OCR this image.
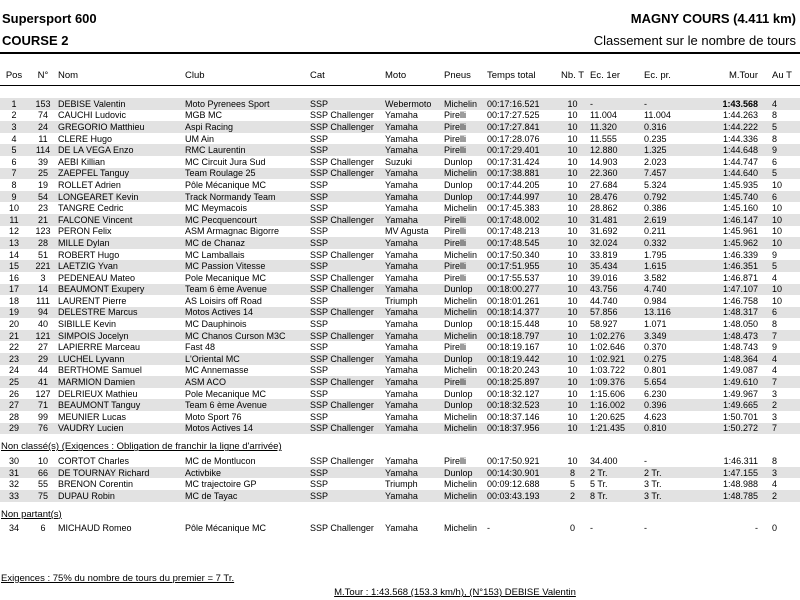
Supersport 600
COURSE 2
MAGNY COURS (4.411 km)
Classement sur le nombre de tours
Pos	N°	Nom	Club	Cat	Moto	Pneus	Temps total	Nb. T	Ec. 1er	Ec. pr.	M.Tour	Au T

1	153	DEBISE Valentin	Moto Pyrenees Sport	SSP	Webermoto	Michelin	00:17:16.521	10	-	-	1:43.568	4
2	74	CAUCHI Ludovic	MGB MC	SSP Challenger	Yamaha	Pirelli	00:17:27.525	10	11.004	11.004	1:44.263	8
3	24	GREGORIO Matthieu	Aspi Racing	SSP Challenger	Yamaha	Pirelli	00:17:27.841	10	11.320	0.316	1:44.222	5
4	11	CLERE Hugo	UM Ain	SSP	Yamaha	Pirelli	00:17:28.076	10	11.555	0.235	1:44.336	8
5	114	DE LA VEGA Enzo	RMC Laurentin	SSP	Yamaha	Pirelli	00:17:29.401	10	12.880	1.325	1:44.648	9
6	39	AEBI Killian	MC Circuit Jura Sud	SSP Challenger	Suzuki	Dunlop	00:17:31.424	10	14.903	2.023	1:44.747	6
7	25	ZAEPFEL Tanguy	Team Roulage 25	SSP Challenger	Yamaha	Michelin	00:17:38.881	10	22.360	7.457	1:44.640	5
8	19	ROLLET Adrien	Pôle Mécanique MC	SSP	Yamaha	Dunlop	00:17:44.205	10	27.684	5.324	1:45.935	10
9	54	LONGEARET Kevin	Track Normandy Team	SSP	Yamaha	Dunlop	00:17:44.997	10	28.476	0.792	1:45.740	6
10	23	TANGRE Cedric	MC Meymacois	SSP	Yamaha	Michelin	00:17:45.383	10	28.862	0.386	1:45.160	10
11	21	FALCONE Vincent	MC Pecquencourt	SSP Challenger	Yamaha	Pirelli	00:17:48.002	10	31.481	2.619	1:46.147	10
12	123	PERON Felix	ASM Armagnac Bigorre	SSP	MV Agusta	Pirelli	00:17:48.213	10	31.692	0.211	1:45.961	10
13	28	MILLE Dylan	MC de Chanaz	SSP	Yamaha	Pirelli	00:17:48.545	10	32.024	0.332	1:45.962	10
14	51	ROBERT Hugo	MC Lamballais	SSP Challenger	Yamaha	Michelin	00:17:50.340	10	33.819	1.795	1:46.339	9
15	221	LAETZIG Yvan	MC Passion Vitesse	SSP	Yamaha	Pirelli	00:17:51.955	10	35.434	1.615	1:46.351	5
16	3	PEDENEAU Mateo	Pole Mecanique MC	SSP Challenger	Yamaha	Pirelli	00:17:55.537	10	39.016	3.582	1:46.871	4
17	14	BEAUMONT Exupery	Team 6 ème Avenue	SSP Challenger	Yamaha	Dunlop	00:18:00.277	10	43.756	4.740	1:47.107	10
18	111	LAURENT Pierre	AS Loisirs off Road	SSP	Triumph	Michelin	00:18:01.261	10	44.740	0.984	1:46.758	10
19	94	DELESTRE Marcus	Motos Actives 14	SSP Challenger	Yamaha	Michelin	00:18:14.377	10	57.856	13.116	1:48.317	6
20	40	SIBILLE Kevin	MC Dauphinois	SSP	Yamaha	Dunlop	00:18:15.448	10	58.927	1.071	1:48.050	8
21	121	SIMPOIS Jocelyn	MC Chanos Curson M3C	SSP Challenger	Yamaha	Michelin	00:18:18.797	10	1:02.276	3.349	1:48.473	7
22	27	LAPIERRE Marceau	Fast 48	SSP	Yamaha	Pirelli	00:18:19.167	10	1:02.646	0.370	1:48.743	9
23	29	LUCHEL Lyvann	L'Oriental MC	SSP Challenger	Yamaha	Dunlop	00:18:19.442	10	1:02.921	0.275	1:48.364	4
24	44	BERTHOME Samuel	MC Annemasse	SSP	Yamaha	Michelin	00:18:20.243	10	1:03.722	0.801	1:49.087	4
25	41	MARMION Damien	ASM ACO	SSP Challenger	Yamaha	Pirelli	00:18:25.897	10	1:09.376	5.654	1:49.610	7
26	127	DELRIEUX Mathieu	Pole Mecanique MC	SSP	Yamaha	Dunlop	00:18:32.127	10	1:15.606	6.230	1:49.967	3
27	71	BEAUMONT Tanguy	Team 6 ème Avenue	SSP Challenger	Yamaha	Dunlop	00:18:32.523	10	1:16.002	0.396	1:49.665	2
28	99	MEUNIER Lucas	Moto Sport 76	SSP	Yamaha	Michelin	00:18:37.146	10	1:20.625	4.623	1:50.701	3
29	76	VAUDRY Lucien	Motos Actives 14	SSP Challenger	Yamaha	Michelin	00:18:37.956	10	1:21.435	0.810	1:50.272	7
Non classé(s) (Exigences : Obligation de franchir la ligne d'arrivée)
30	10	CORTOT Charles	MC de Montlucon	SSP Challenger	Yamaha	Pirelli	00:17:50.921	10	34.400	-	1:46.311	8
31	66	DE TOURNAY Richard	Activbike	SSP	Yamaha	Dunlop	00:14:30.901	8	2 Tr.	2 Tr.	1:47.155	3
32	55	BRENON Corentin	MC trajectoire GP	SSP	Triumph	Michelin	00:09:12.688	5	5 Tr.	3 Tr.	1:48.988	4
33	75	DUPAU Robin	MC de Tayac	SSP	Yamaha	Michelin	00:03:43.193	2	8 Tr.	3 Tr.	1:48.785	2
Non partant(s)
34	6	MICHAUD Romeo	Pôle Mécanique MC	SSP Challenger	Yamaha	Michelin	-	0	-	-	-	0
Exigences : 75% du nombre de tours du premier = 7 Tr.
M.Tour : 1:43.568 (153.3 km/h), (N°153) DEBISE Valentin
